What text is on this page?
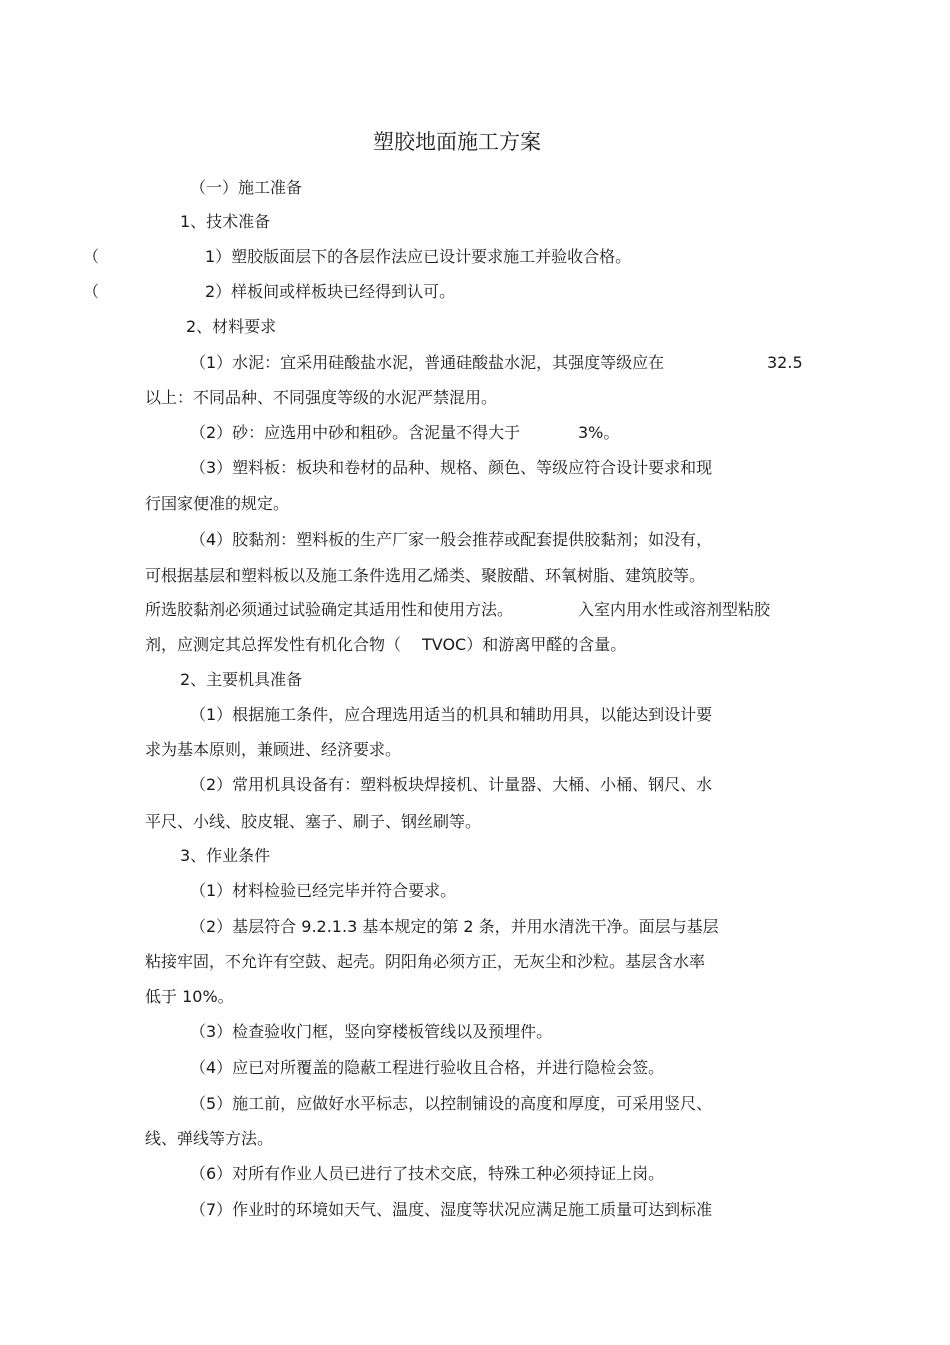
塑胶地面施工方案
（一）施工准备
1、技术准备
（	1）塑胶版面层下的各层作法应已设计要求施工并验收合格。
（	2）样板间或样板块已经得到认可。
2、材料要求
（1）水泥：宜采用硅酸盐水泥，普通硅酸盐水泥，其强度等级应在	32.5
以上：不同品种、不同强度等级的水泥严禁混用。
（2）砂：应选用中砂和粗砂。含泥量不得大于	3%。
（3）塑料板：板块和卷材的品种、规格、颜色、等级应符合设计要求和现
行国家便准的规定。
（4）胶黏剂：塑料板的生产厂家一般会推荐或配套提供胶黏剂；如没有，
可根据基层和塑料板以及施工条件选用乙烯类、聚胺醋、环氧树脂、建筑胶等。
所选胶黏剂必须通过试验确定其适用性和使用方法。	入室内用水性或溶剂型粘胶
剂，应测定其总挥发性有机化合物（ TVOC）和游离甲醛的含量。
2、主要机具准备
（1）根据施工条件，应合理选用适当的机具和辅助用具，以能达到设计要
求为基本原则，兼顾进、经济要求。
（2）常用机具设备有：塑料板块焊接机、计量器、大桶、小桶、钢尺、水
平尺、小线、胶皮辊、塞子、刷子、钢丝刷等。
3、作业条件
（1）材料检验已经完毕并符合要求。
（2）基层符合 9.2.1.3 基本规定的第 2 条，并用水清洗干净。面层与基层
粘接牢固，不允许有空鼓、起壳。阴阳角必须方正，无灰尘和沙粒。基层含水率
低于 10%。
（3）检查验收门框，竖向穿楼板管线以及预埋件。
（4）应已对所覆盖的隐蔽工程进行验收且合格，并进行隐检会签。
（5）施工前，应做好水平标志，以控制铺设的高度和厚度，可采用竖尺、
线、弹线等方法。
（6）对所有作业人员已进行了技术交底，特殊工种必须持证上岗。
（7）作业时的环境如天气、温度、湿度等状况应满足施工质量可达到标准
